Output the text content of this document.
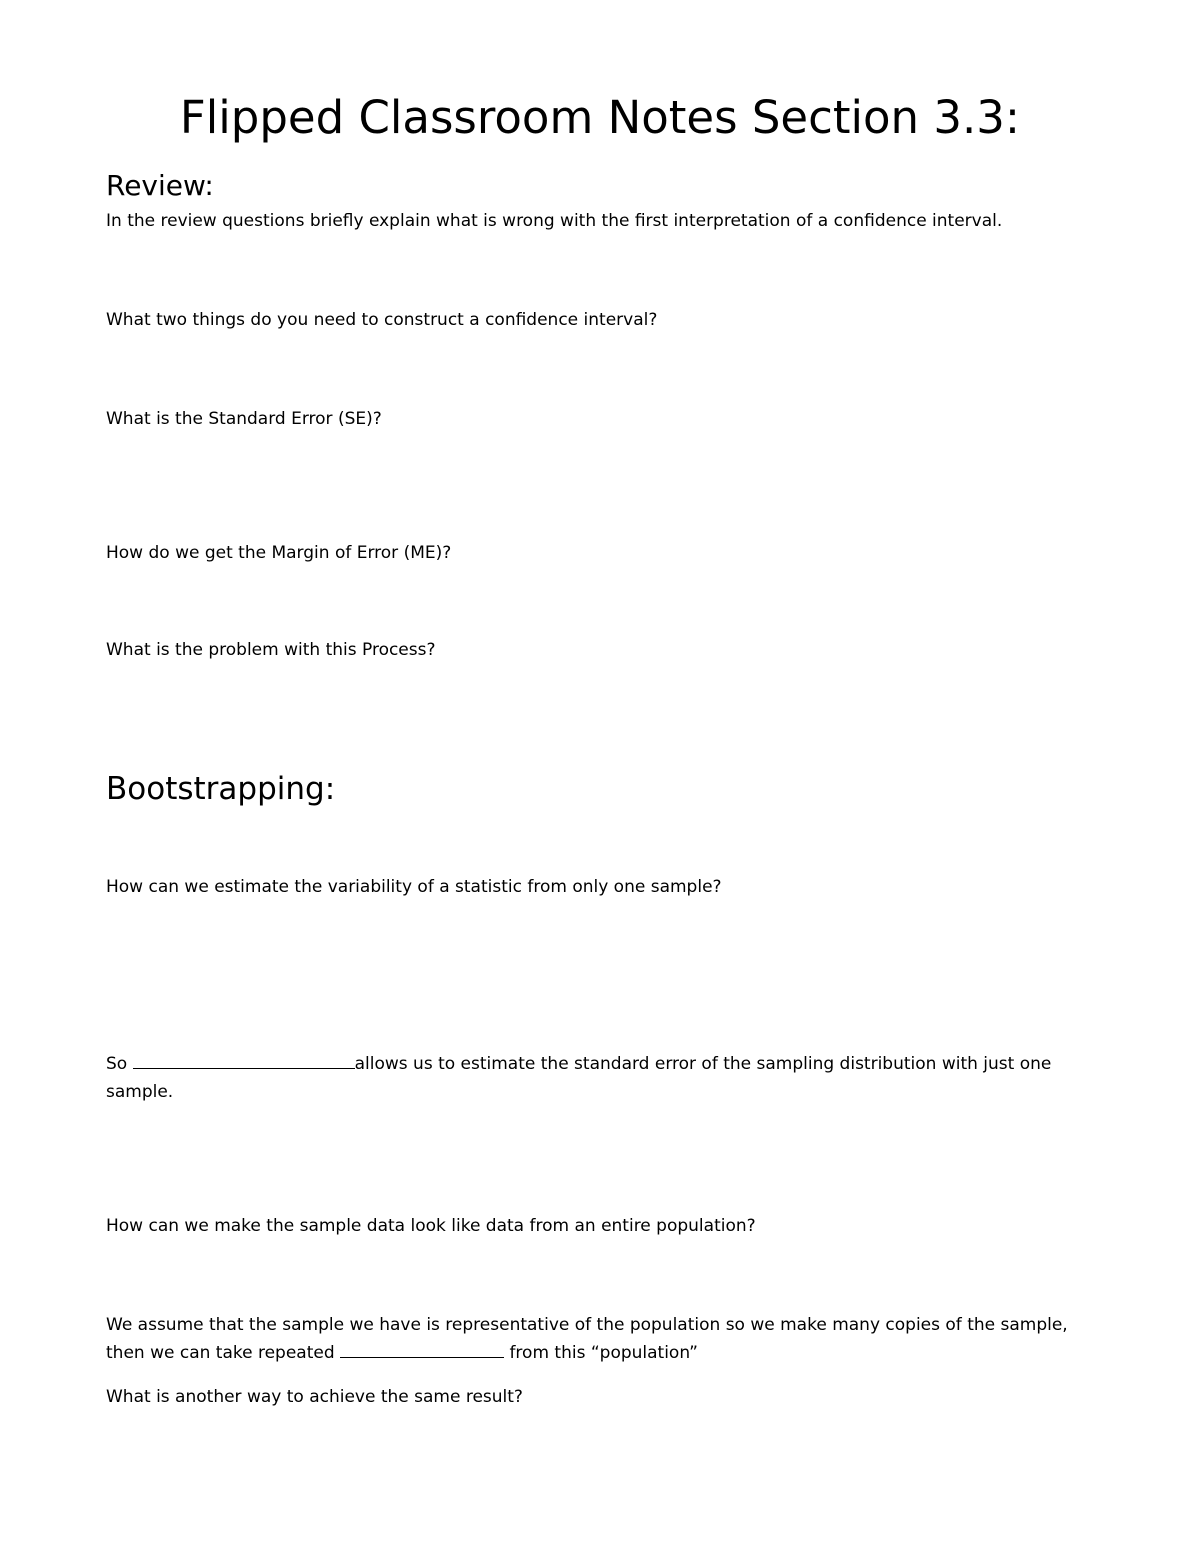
Flipped Classroom Notes Section 3.3:
Review:

In the review questions briefly explain what is wrong with the first interpretation of a confidence interval.

What two things do you need to construct a confidence interval?

What is the Standard Error (SE)?

How do we get the Margin of Error (ME)?

What is the problem with this Process?

Bootstrapping:

How can we estimate the variability of a statistic from only one sample?

So	allows us to estimate the standard error of the sampling distribution with just one

sample.

How can we make the sample data look like data from an entire population?

We assume that the sample we have is representative of the population so we make many copies of the sample,

then we can take repeated	from this “population”

What is another way to achieve the same result?
